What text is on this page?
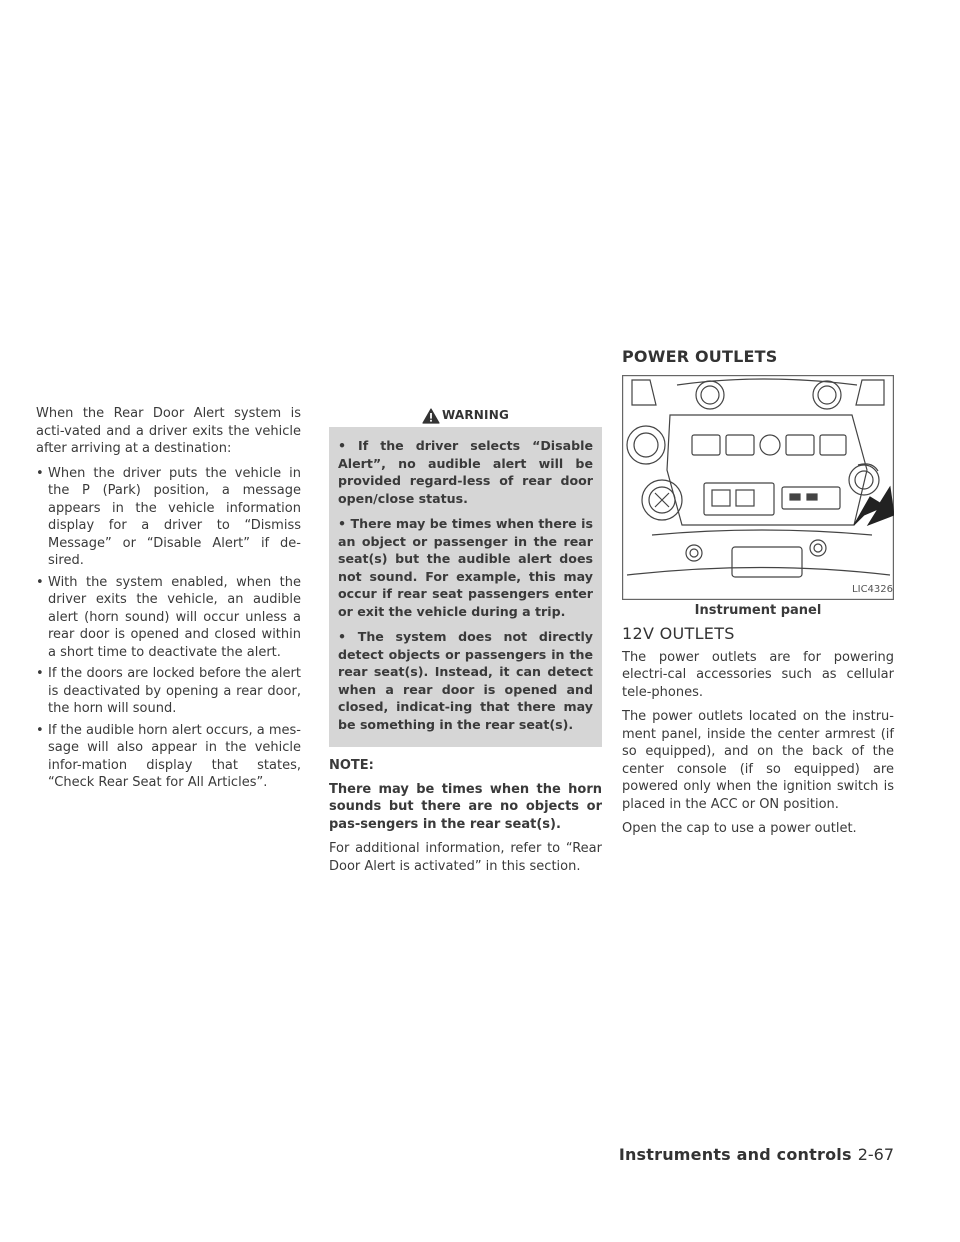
When the Rear Door Alert system is acti-vated and a driver exits the vehicle after arriving at a destination:

• When the driver puts the vehicle in the P (Park) position, a message appears in the vehicle information display for a driver to “Dismiss Message” or “Disable Alert” if de-sired.
• With the system enabled, when the driver exits the vehicle, an audible alert (horn sound) will occur unless a rear door is opened and closed within a short time to deactivate the alert.
• If the doors are locked before the alert is deactivated by opening a rear door, the horn will sound.
• If the audible horn alert occurs, a mes-sage will also appear in the vehicle infor-mation display that states, “Check Rear Seat for All Articles”.
WARNING

• If the driver selects “Disable Alert”, no audible alert will be provided regard-less of rear door open/close status.

• There may be times when there is an object or passenger in the rear seat(s) but the audible alert does not sound. For example, this may occur if rear seat passengers enter or exit the vehicle during a trip.

• The system does not directly detect objects or passengers in the rear seat(s). Instead, it can detect when a rear door is opened and closed, indicat-ing that there may be something in the rear seat(s).

NOTE:

There may be times when the horn sounds but there are no objects or pas-sengers in the rear seat(s).

For additional information, refer to “Rear Door Alert is activated” in this section.

POWER OUTLETS
LIC4326
Instrument panel
12V OUTLETS

The power outlets are for powering electri-cal accessories such as cellular tele-phones.

The power outlets located on the instru-ment panel, inside the center armrest (if so equipped), and on the back of the center console (if so equipped) are powered only when the ignition switch is placed in the ACC or ON position.

Open the cap to use a power outlet.

Instruments and controls 2-67
